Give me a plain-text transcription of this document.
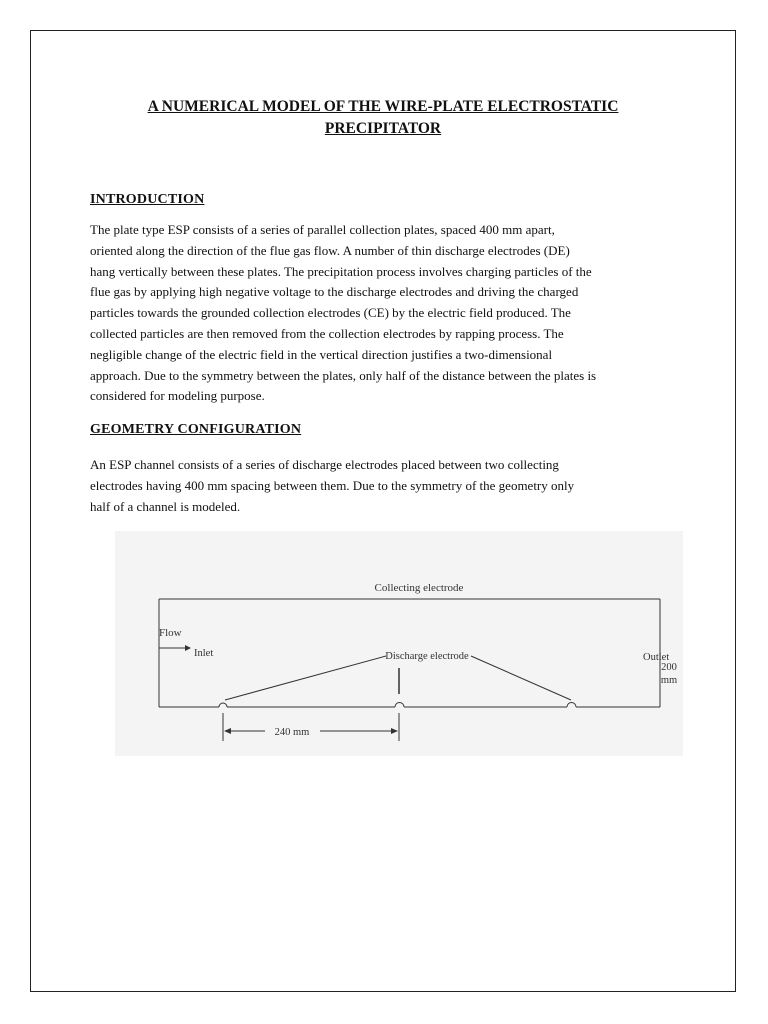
A NUMERICAL MODEL OF THE WIRE-PLATE ELECTROSTATIC
PRECIPITATOR
INTRODUCTION
The plate type ESP consists of a series of parallel collection plates, spaced 400 mm apart,
oriented along the direction of the flue gas flow. A number of thin discharge electrodes (DE)
hang vertically between these plates. The precipitation process involves charging particles of the
flue gas by applying high negative voltage to the discharge electrodes and driving the charged
particles towards the grounded collection electrodes (CE) by the electric field produced. The
collected particles are then removed from the collection electrodes by rapping process. The
negligible change of the electric field in the vertical direction justifies a two-dimensional
approach. Due to the symmetry between the plates, only half of the distance between the plates is
considered for modeling purpose.
GEOMETRY CONFIGURATION
An ESP channel consists of a series of discharge electrodes placed between two collecting
electrodes having 400 mm spacing between them. Due to the symmetry of the geometry only
half of a channel is modeled.
Collecting electrode
Flow
Inlet	Outlet
Discharge electrode
240 mm
200
mm
